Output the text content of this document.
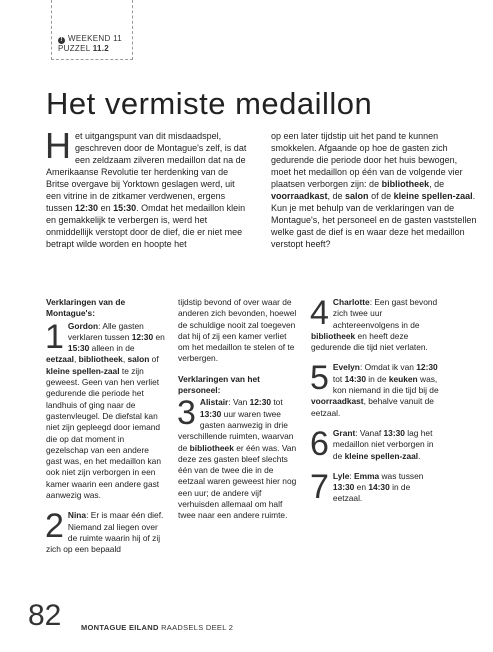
! WEEKEND 11
PUZZEL 11.2
Het vermiste medaillon
Het uitgangspunt van dit misdaadspel, geschreven door de Montague's zelf, is dat een zeldzaam zilveren medaillon dat na de Amerikaanse Revolutie ter herdenking van de Britse overgave bij Yorktown geslagen werd, uit een vitrine in de zitkamer verdwenen, ergens tussen 12:30 en 15:30. Omdat het medaillon klein en gemakkelijk te verbergen is, werd het onmiddellijk verstopt door de dief, die er niet mee betrapt wilde worden en hoopte het
op een later tijdstip uit het pand te kunnen smokkelen. Afgaande op hoe de gasten zich gedurende die periode door het huis bewogen, moet het medaillon op één van de volgende vier plaatsen verborgen zijn: de bibliotheek, de voorraadkast, de salon of de kleine spellen-zaal. Kun je met behulp van de verklaringen van de Montague's, het personeel en de gasten vaststellen welke gast de dief is en waar deze het medaillon verstopt heeft?
Verklaringen van de Montague's:
1 Gordon: Alle gasten verklaren tussen 12:30 en 15:30 alleen in de eetzaal, bibliotheek, salon of kleine spellen-zaal te zijn geweest. Geen van hen verliet gedurende die periode het landhuis of ging naar de gastenvleugel. De diefstal kan niet zijn gepleegd door iemand die op dat moment in gezelschap van een andere gast was, en het medaillon kan ook niet zijn verborgen in een kamer waarin een andere gast aanwezig was.
2 Nina: Er is maar één dief. Niemand zal liegen over de ruimte waarin hij of zij zich op een bepaald
tijdstip bevond of over waar de anderen zich bevonden, hoewel de schuldige nooit zal toegeven dat hij of zij een kamer verliet om het medaillon te stelen of te verbergen.
Verklaringen van het personeel:
3 Alistair: Van 12:30 tot 13:30 uur waren twee gasten aanwezig in drie verschillende ruimten, waarvan de bibliotheek er één was. Van deze zes gasten bleef slechts één van de twee die in de eetzaal waren geweest hier nog een uur; de andere vijf verhuisden allemaal om half twee naar een andere ruimte.
4 Charlotte: Een gast bevond zich twee uur achtereenvolgens in de bibliotheek en heeft deze gedurende die tijd niet verlaten.
5 Evelyn: Omdat ik van 12:30 tot 14:30 in de keuken was, kon niemand in die tijd bij de voorraadkast, behalve vanuit de eetzaal.
6 Grant: Vanaf 13:30 lag het medaillon niet verborgen in de kleine spellen-zaal.
7 Lyle: Emma was tussen 13:30 en 14:30 in de eetzaal.
82	MONTAGUE EILAND RAADSELS DEEL 2
